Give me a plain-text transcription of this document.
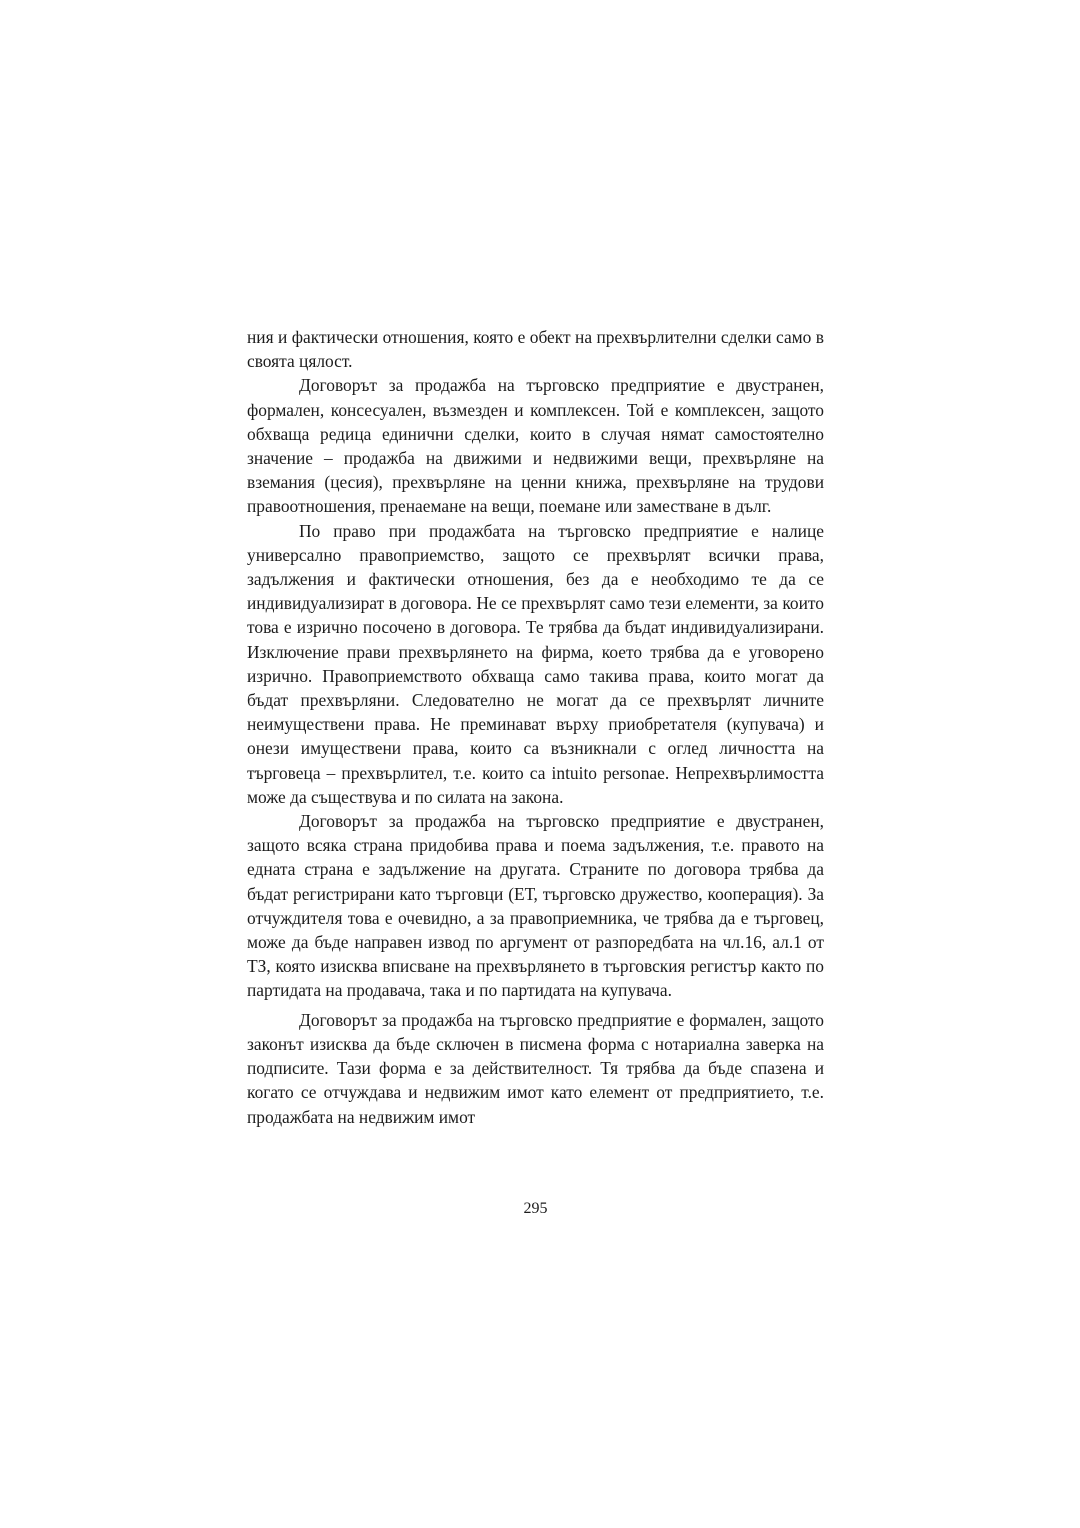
ния и фактически отношения, която е обект на прехвърлителни сделки само в своята цялост.

Договорът за продажба на търговско предприятие е двустранен, формален, консесуален, възмезден и комплексен. Той е комплексен, защото обхваща редица единични сделки, които в случая нямат самостоятелно значение – продажба на движими и недвижими вещи, прехвърляне на вземания (цесия), прехвърляне на ценни книжа, прехвърляне на трудови правоотношения, пренаемане на вещи, поемане или заместване в дълг.

По право при продажбата на търговско предприятие е налице универсално правоприемство, защото се прехвърлят всички права, задължения и фактически отношения, без да е необходимо те да се индивидуализират в договора. Не се прехвърлят само тези елементи, за които това е изрично посочено в договора. Те трябва да бъдат индивидуализирани. Изключение прави прехвърлянето на фирма, което трябва да е уговорено изрично. Правоприемството обхваща само такива права, които могат да бъдат прехвърляни. Следователно не могат да се прехвърлят личните неимуществени права. Не преминават върху приобретателя (купувача) и онези имуществени права, които са възникнали с оглед личността на търговеца – прехвърлител, т.е. които са intuito personae. Непрехвърлимостта може да съществува и по силата на закона.

Договорът за продажба на търговско предприятие е двустранен, защото всяка страна придобива права и поема задължения, т.е. правото на едната страна е задължение на другата. Страните по договора трябва да бъдат регистрирани като търговци (ЕТ, търговско дружество, кооперация). За отчуждителя това е очевидно, а за правоприемника, че трябва да е търговец, може да бъде направен извод по аргумент от разпоредбата на чл.16, ал.1 от ТЗ, която изисква вписване на прехвърлянето в търговския регистър както по партидата на продавача, така и по партидата на купувача.

Договорът за продажба на търговско предприятие е формален, защото законът изисква да бъде сключен в писмена форма с нотариална заверка на подписите. Тази форма е за действителност. Тя трябва да бъде спазена и когато се отчуждава и недвижим имот като елемент от предприятието, т.е. продажбата на недвижим имот

295
